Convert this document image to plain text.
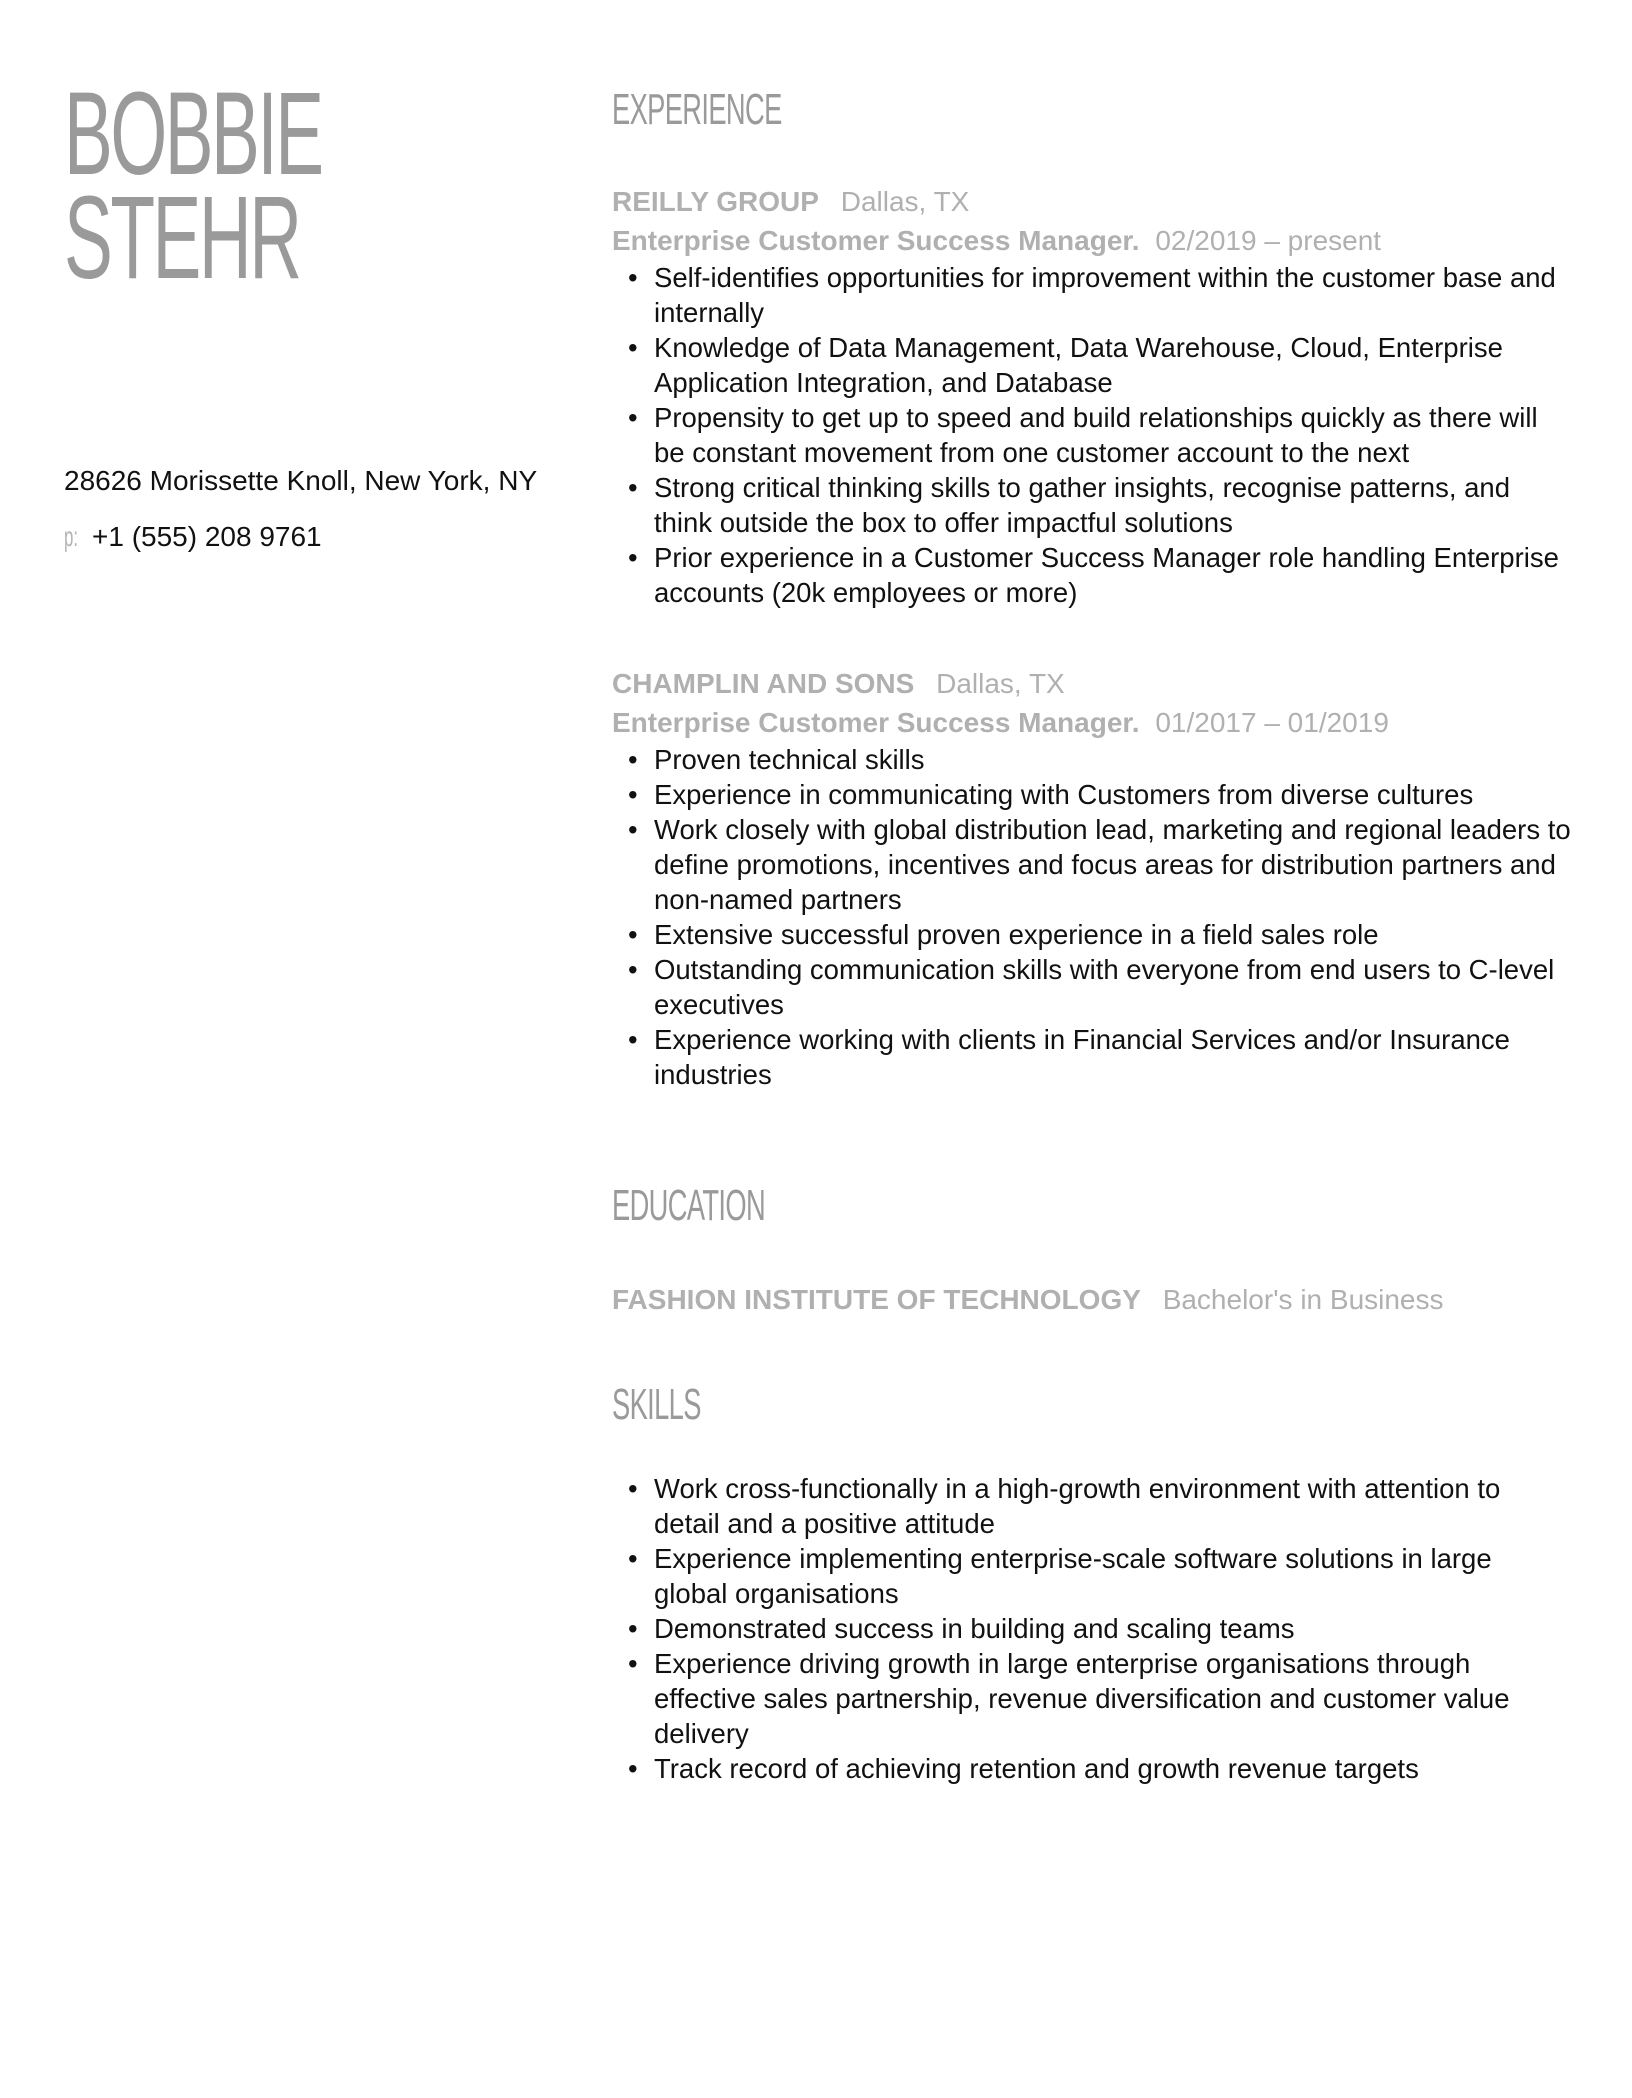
BOBBIE
STEHR

28626 Morissette Knoll, New York, NY

p: +1 (555) 208 9761

EXPERIENCE
REILLY GROUP Dallas, TX
Enterprise Customer Success Manager. 02/2019 – present
• Self-identifies opportunities for improvement within the customer base and internally
• Knowledge of Data Management, Data Warehouse, Cloud, Enterprise Application Integration, and Database
• Propensity to get up to speed and build relationships quickly as there will be constant movement from one customer account to the next
• Strong critical thinking skills to gather insights, recognise patterns, and think outside the box to offer impactful solutions
• Prior experience in a Customer Success Manager role handling Enterprise accounts (20k employees or more)
CHAMPLIN AND SONS Dallas, TX
Enterprise Customer Success Manager. 01/2017 – 01/2019
• Proven technical skills
• Experience in communicating with Customers from diverse cultures
• Work closely with global distribution lead, marketing and regional leaders to define promotions, incentives and focus areas for distribution partners and non-named partners
• Extensive successful proven experience in a field sales role
• Outstanding communication skills with everyone from end users to C-level executives
• Experience working with clients in Financial Services and/or Insurance industries
EDUCATION
FASHION INSTITUTE OF TECHNOLOGY Bachelor's in Business
SKILLS
• Work cross-functionally in a high-growth environment with attention to detail and a positive attitude
• Experience implementing enterprise-scale software solutions in large global organisations
• Demonstrated success in building and scaling teams
• Experience driving growth in large enterprise organisations through effective sales partnership, revenue diversification and customer value delivery
• Track record of achieving retention and growth revenue targets
